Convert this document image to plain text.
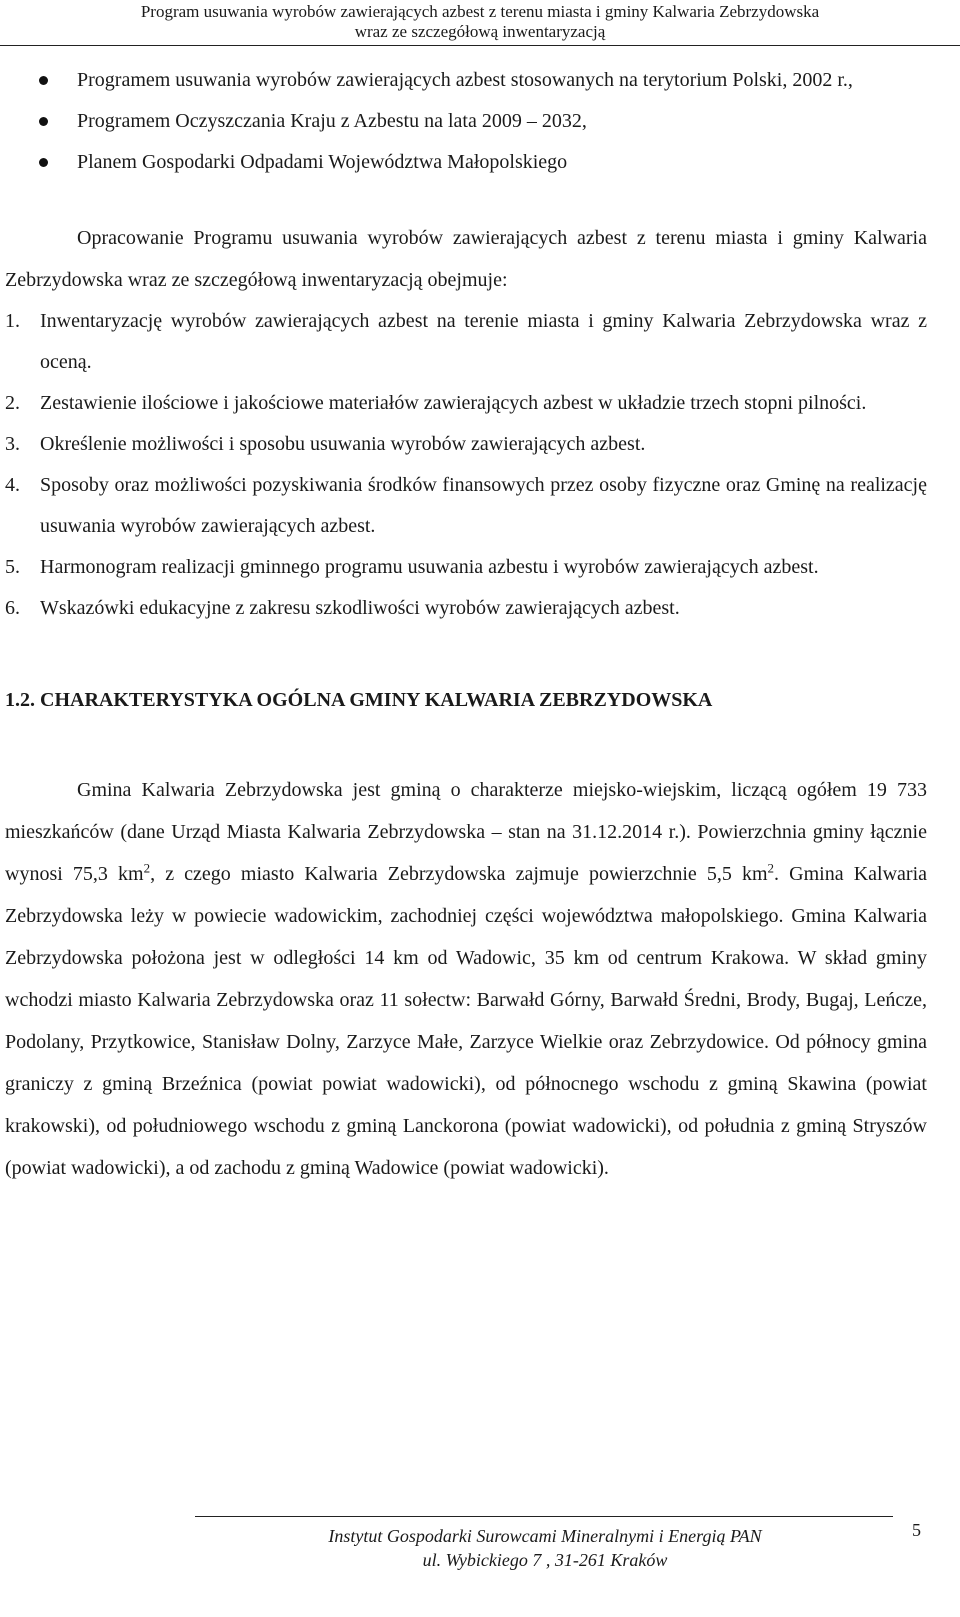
Program usuwania wyrobów zawierających azbest z terenu miasta i gminy Kalwaria Zebrzydowska
wraz ze szczegółową inwentaryzacją
Programem usuwania wyrobów zawierających azbest stosowanych na terytorium Polski, 2002 r.,
Programem Oczyszczania Kraju z Azbestu na lata 2009 – 2032,
Planem Gospodarki Odpadami Województwa Małopolskiego

Opracowanie Programu usuwania wyrobów zawierających azbest z terenu miasta i gminy Kalwaria Zebrzydowska wraz ze szczegółową inwentaryzacją obejmuje:

1. Inwentaryzację wyrobów zawierających azbest na terenie miasta i gminy Kalwaria Zebrzydowska wraz z oceną.
2. Zestawienie ilościowe i jakościowe materiałów zawierających azbest w układzie trzech stopni pilności.
3. Określenie możliwości i sposobu usuwania wyrobów zawierających azbest.
4. Sposoby oraz możliwości pozyskiwania środków finansowych przez osoby fizyczne oraz Gminę na realizację usuwania wyrobów zawierających azbest.
5. Harmonogram realizacji gminnego programu usuwania azbestu i wyrobów zawierających azbest.
6. Wskazówki edukacyjne z zakresu szkodliwości wyrobów zawierających azbest.
1.2. CHARAKTERYSTYKA OGÓLNA GMINY KALWARIA ZEBRZYDOWSKA

Gmina Kalwaria Zebrzydowska jest gminą o charakterze miejsko-wiejskim, liczącą ogółem 19 733 mieszkańców (dane Urząd Miasta Kalwaria Zebrzydowska – stan na 31.12.2014 r.). Powierzchnia gminy łącznie wynosi 75,3 $km^2$, z czego miasto Kalwaria Zebrzydowska zajmuje powierzchnie 5,5 $km^2$. Gmina Kalwaria Zebrzydowska leży w powiecie wadowickim, zachodniej części województwa małopolskiego. Gmina Kalwaria Zebrzydowska położona jest w odległości 14 km od Wadowic, 35 km od centrum Krakowa. W skład gminy wchodzi miasto Kalwaria Zebrzydowska oraz 11 sołectw: Barwałd Górny, Barwałd Średni, Brody, Bugaj, Leńcze, Podolany, Przytkowice, Stanisław Dolny, Zarzyce Małe, Zarzyce Wielkie oraz Zebrzydowice. Od północy gmina graniczy z gminą Brzeźnica (powiat powiat wadowicki), od północnego wschodu z gminą Skawina (powiat krakowski), od południowego wschodu z gminą Lanckorona (powiat wadowicki), od południa z gminą Stryszów (powiat wadowicki), a od zachodu z gminą Wadowice (powiat wadowicki).

Instytut Gospodarki Surowcami Mineralnymi i Energią PAN
ul. Wybickiego 7 , 31-261 Kraków
5
